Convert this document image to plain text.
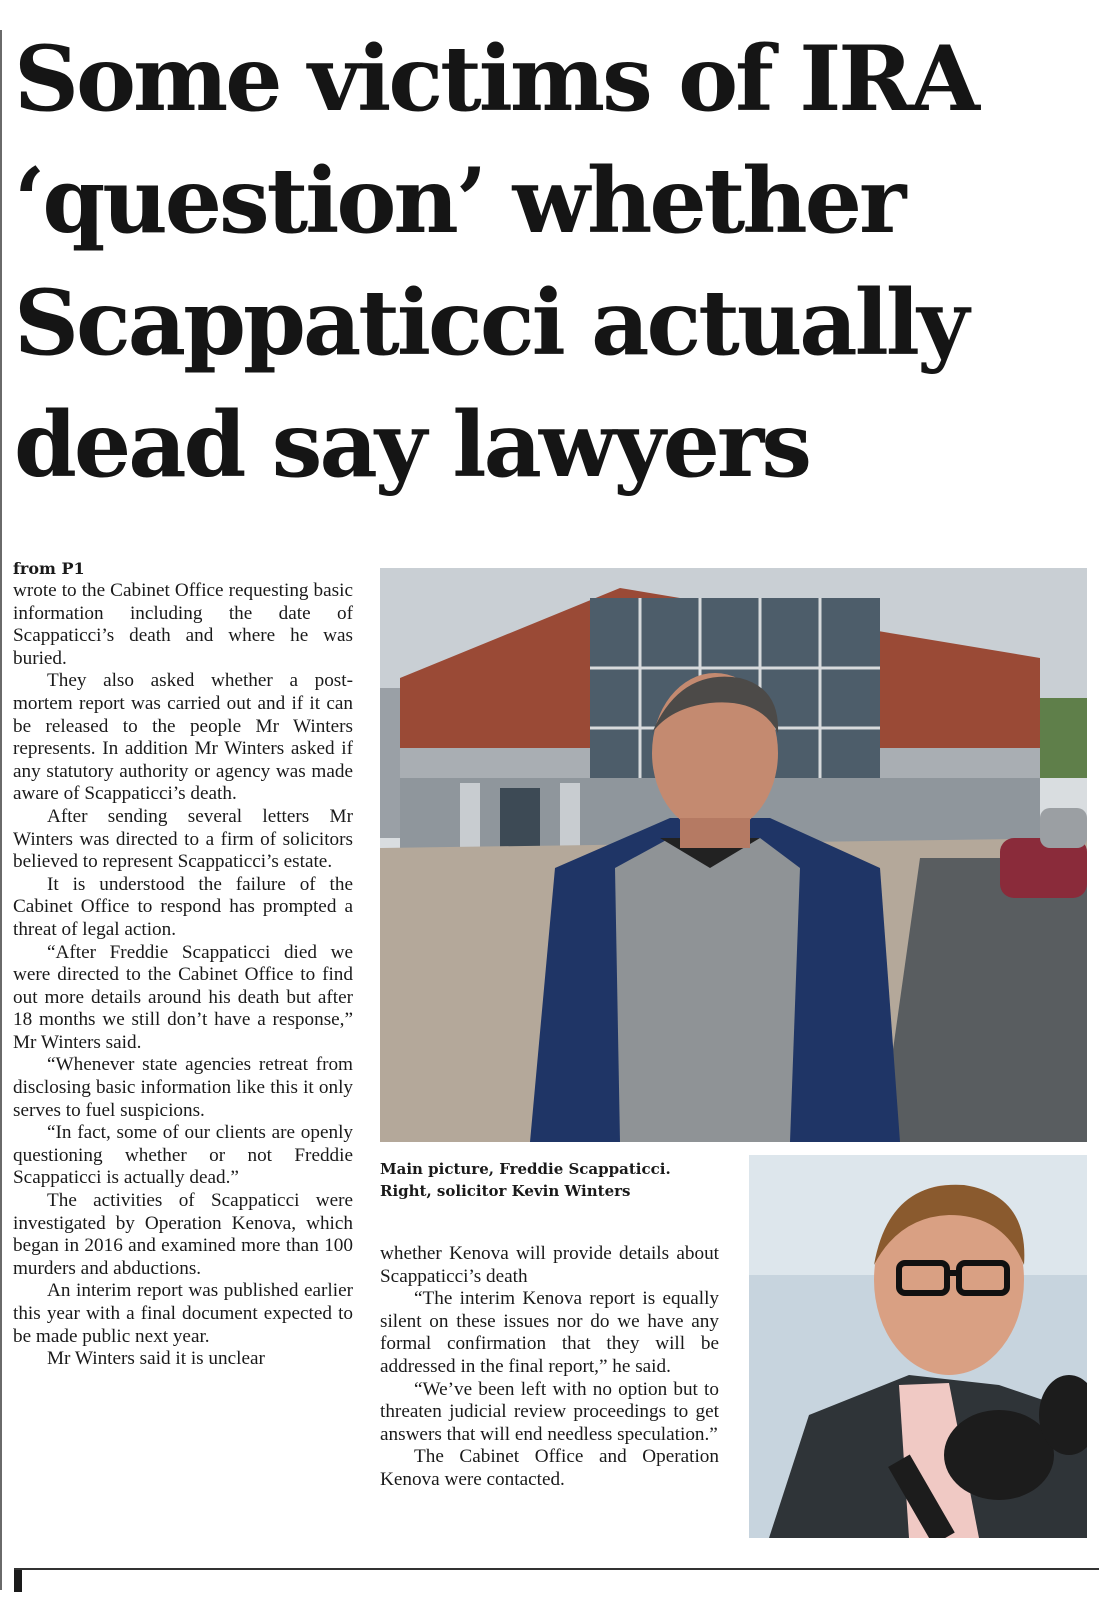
Some victims of IRA
‘question’ whether
Scappaticci actually
dead say lawyers
from P1

wrote to the Cabinet Office requesting basic information including the date of Scappaticci’s death and where he was buried.

They also asked whether a post-mortem report was carried out and if it can be released to the people Mr Winters represents. In addition Mr Winters asked if any statutory authority or agency was made aware of Scappaticci’s death.

After sending several letters Mr Winters was directed to a firm of solicitors believed to represent Scappaticci’s estate.

It is understood the failure of the Cabinet Office to respond has prompted a threat of legal action.

“After Freddie Scappaticci died we were directed to the Cabinet Office to find out more details around his death but after 18 months we still don’t have a response,” Mr Winters said.

“Whenever state agencies retreat from disclosing basic information like this it only serves to fuel suspicions.

“In fact, some of our clients are openly questioning whether or not Freddie Scappaticci is actually dead.”

The activities of Scappaticci were investigated by Operation Kenova, which began in 2016 and examined more than 100 murders and abductions.

An interim report was published earlier this year with a final document expected to be made public next year.

Mr Winters said it is unclear

Main picture, Freddie Scappaticci.
Right, solicitor Kevin Winters

whether Kenova will provide details about Scappaticci’s death

“The interim Kenova report is equally silent on these issues nor do we have any formal confirmation that they will be addressed in the final report,” he said.

“We’ve been left with no option but to threaten judicial review proceedings to get answers that will end needless speculation.”

The Cabinet Office and Operation Kenova were contacted.
